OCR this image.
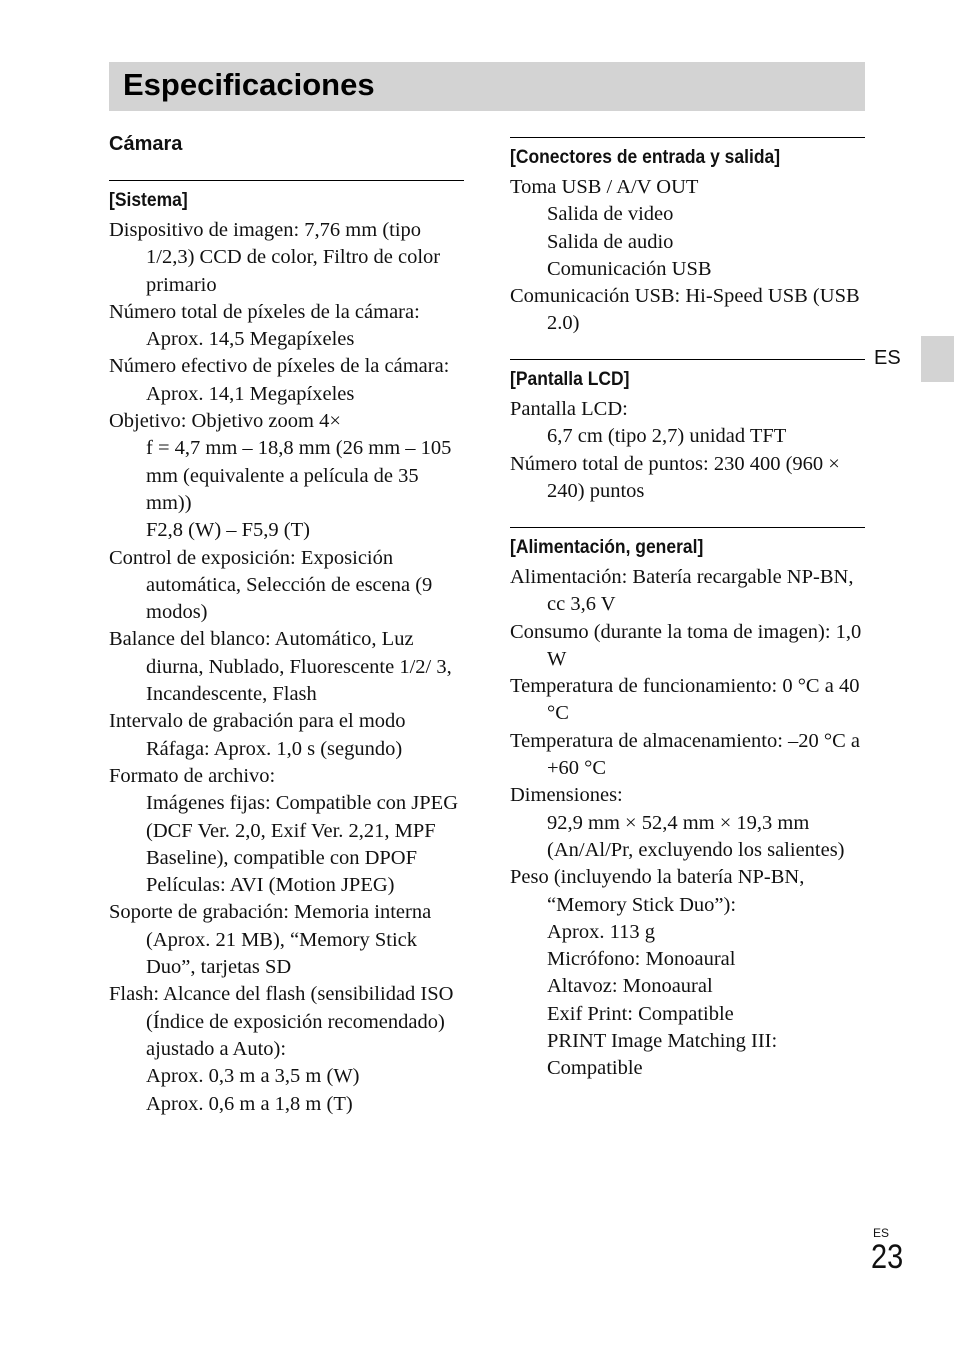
Especificaciones
Cámara
[Sistema]
Dispositivo de imagen: 7,76 mm (tipo 1/2,3) CCD de color, Filtro de color primario
Número total de píxeles de la cámara:
Aprox. 14,5 Megapíxeles
Número efectivo de píxeles de la cámara:
Aprox. 14,1 Megapíxeles
Objetivo: Objetivo zoom 4×
f = 4,7 mm – 18,8 mm (26 mm – 105 mm (equivalente a película de 35 mm))
F2,8 (W) – F5,9 (T)
Control de exposición: Exposición automática, Selección de escena (9 modos)
Balance del blanco: Automático, Luz diurna, Nublado, Fluorescente 1/2/ 3, Incandescente, Flash
Intervalo de grabación para el modo Ráfaga: Aprox. 1,0 s (segundo)
Formato de archivo:
Imágenes fijas: Compatible con JPEG (DCF Ver. 2,0, Exif Ver. 2,21, MPF Baseline), compatible con DPOF
Películas: AVI (Motion JPEG)
Soporte de grabación: Memoria interna (Aprox. 21 MB), “Memory Stick Duo”, tarjetas SD
Flash: Alcance del flash (sensibilidad ISO (Índice de exposición recomendado) ajustado a Auto):
Aprox. 0,3 m a 3,5 m (W)
Aprox. 0,6 m a 1,8 m (T)
[Conectores de entrada y salida]
Toma USB / A/V OUT
Salida de video
Salida de audio
Comunicación USB
Comunicación USB: Hi-Speed USB (USB 2.0)
[Pantalla LCD]
Pantalla LCD:
6,7 cm (tipo 2,7) unidad TFT
Número total de puntos: 230 400 (960 × 240) puntos
[Alimentación, general]
Alimentación: Batería recargable NP-BN, cc 3,6 V
Consumo (durante la toma de imagen): 1,0 W
Temperatura de funcionamiento: 0 °C a 40 °C
Temperatura de almacenamiento: –20 °C a +60 °C
Dimensiones:
92,9 mm × 52,4 mm × 19,3 mm (An/Al/Pr, excluyendo los salientes)
Peso (incluyendo la batería NP-BN, “Memory Stick Duo”):
Aprox. 113 g
Micrófono: Monoaural
Altavoz: Monoaural
Exif Print: Compatible
PRINT Image Matching III: Compatible
ES
ES
23
